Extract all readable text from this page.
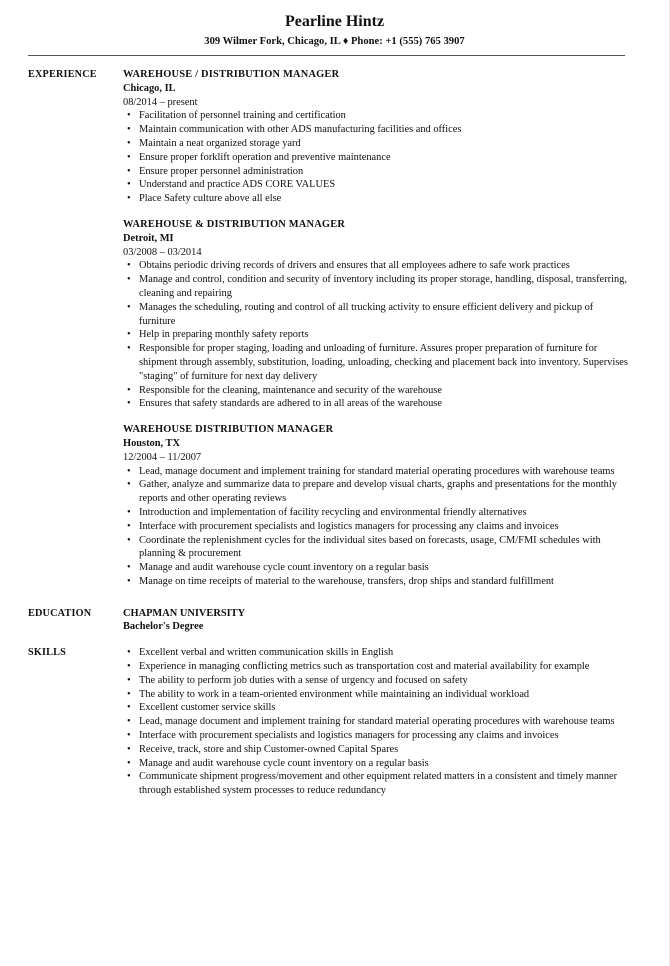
Pearline Hintz
309 Wilmer Fork, Chicago, IL ♦ Phone: +1 (555) 765 3907
EXPERIENCE	WAREHOUSE / DISTRIBUTION MANAGER
Chicago, IL
08/2014 – present
• Facilitation of personnel training and certification
• Maintain communication with other ADS manufacturing facilities and offices
• Maintain a neat organized storage yard
• Ensure proper forklift operation and preventive maintenance
• Ensure proper personnel administration
• Understand and practice ADS CORE VALUES
• Place Safety culture above all else
WAREHOUSE & DISTRIBUTION MANAGER
Detroit, MI
03/2008 – 03/2014
• Obtains periodic driving records of drivers and ensures that all employees adhere to safe work practices
• Manage and control, condition and security of inventory including its proper storage, handling, disposal, transferring, cleaning and repairing
• Manages the scheduling, routing and control of all trucking activity to ensure efficient delivery and pickup of furniture
• Help in preparing monthly safety reports
• Responsible for proper staging, loading and unloading of furniture. Assures proper preparation of furniture for shipment through assembly, substitution, loading, unloading, checking and placement back into inventory. Supervises "staging" of furniture for next day delivery
• Responsible for the cleaning, maintenance and security of the warehouse
• Ensures that safety standards are adhered to in all areas of the warehouse
WAREHOUSE DISTRIBUTION MANAGER
Houston, TX
12/2004 – 11/2007
• Lead, manage document and implement training for standard material operating procedures with warehouse teams
• Gather, analyze and summarize data to prepare and develop visual charts, graphs and presentations for the monthly reports and other operating reviews
• Introduction and implementation of facility recycling and environmental friendly alternatives
• Interface with procurement specialists and logistics managers for processing any claims and invoices
• Coordinate the replenishment cycles for the individual sites based on forecasts, usage, CM/FMI schedules with planning & procurement
• Manage and audit warehouse cycle count inventory on a regular basis
• Manage on time receipts of material to the warehouse, transfers, drop ships and standard fulfillment
EDUCATION	CHAPMAN UNIVERSITY
Bachelor's Degree
SKILLS
•	Excellent verbal and written communication skills in English
• Experience in managing conflicting metrics such as transportation cost and material availability for example
• The ability to perform job duties with a sense of urgency and focused on safety
• The ability to work in a team-oriented environment while maintaining an individual workload
• Excellent customer service skills
• Lead, manage document and implement training for standard material operating procedures with warehouse teams
• Interface with procurement specialists and logistics managers for processing any claims and invoices
• Receive, track, store and ship Customer-owned Capital Spares
• Manage and audit warehouse cycle count inventory on a regular basis
• Communicate shipment progress/movement and other equipment related matters in a consistent and timely manner through established system processes to reduce redundancy
